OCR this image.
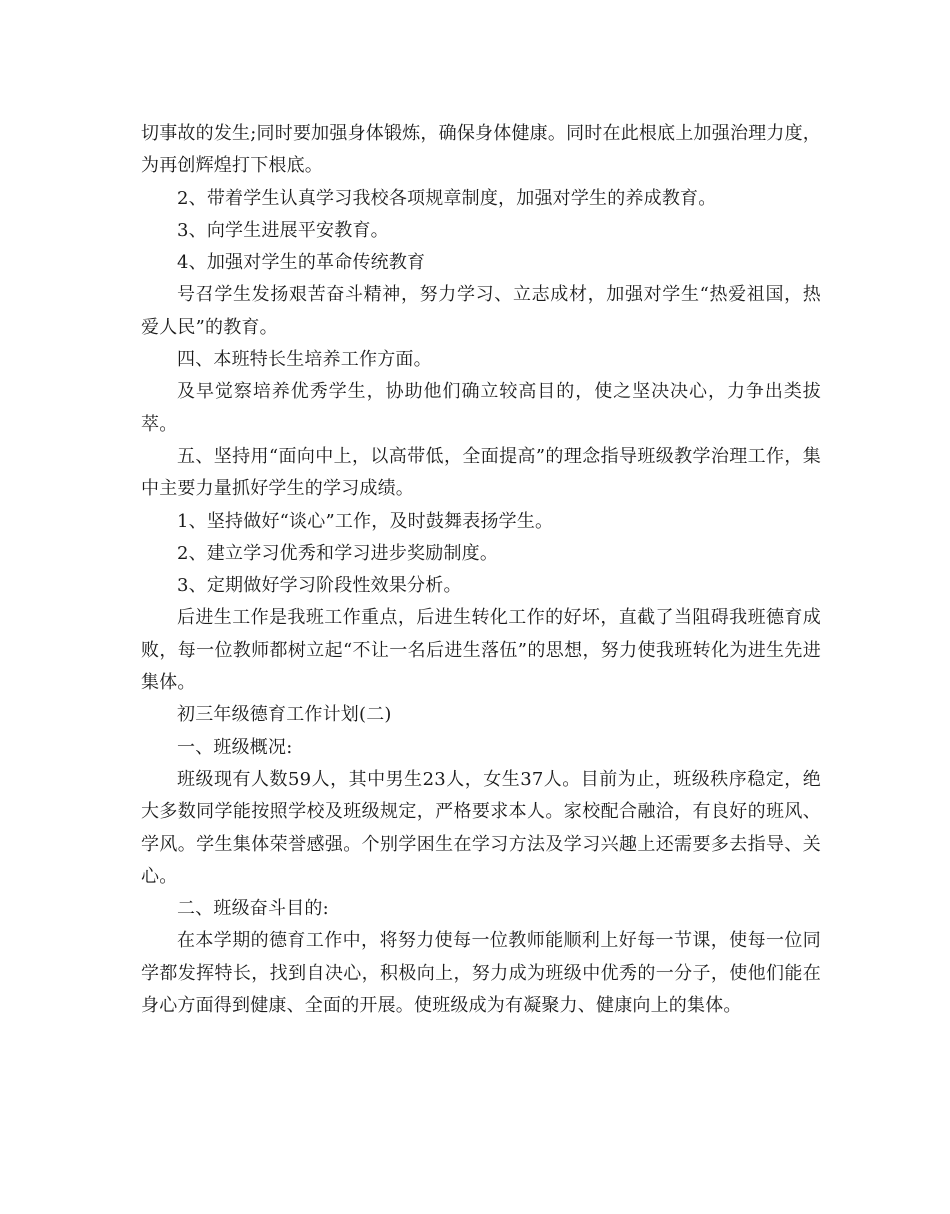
切事故的发生;同时要加强身体锻炼，确保身体健康。同时在此根底上加强治理力度，为再创辉煌打下根底。

2、带着学生认真学习我校各项规章制度，加强对学生的养成教育。

3、向学生进展平安教育。

4、加强对学生的革命传统教育

号召学生发扬艰苦奋斗精神，努力学习、立志成材，加强对学生“热爱祖国，热爱人民”的教育。

四、本班特长生培养工作方面。

及早觉察培养优秀学生，协助他们确立较高目的，使之坚决决心，力争出类拔萃。

五、坚持用“面向中上，以高带低，全面提高”的理念指导班级教学治理工作，集中主要力量抓好学生的学习成绩。

1、坚持做好“谈心”工作，及时鼓舞表扬学生。

2、建立学习优秀和学习进步奖励制度。

3、定期做好学习阶段性效果分析。

后进生工作是我班工作重点，后进生转化工作的好坏，直截了当阻碍我班德育成败，每一位教师都树立起“不让一名后进生落伍”的思想，努力使我班转化为进生先进集体。

初三年级德育工作计划(二)

一、班级概况:

班级现有人数59人，其中男生23人，女生37人。目前为止，班级秩序稳定，绝大多数同学能按照学校及班级规定，严格要求本人。家校配合融洽，有良好的班风、学风。学生集体荣誉感强。个别学困生在学习方法及学习兴趣上还需要多去指导、关心。

二、班级奋斗目的:

在本学期的德育工作中，将努力使每一位教师能顺利上好每一节课，使每一位同学都发挥特长，找到自决心，积极向上，努力成为班级中优秀的一分子，使他们能在身心方面得到健康、全面的开展。使班级成为有凝聚力、健康向上的集体。
